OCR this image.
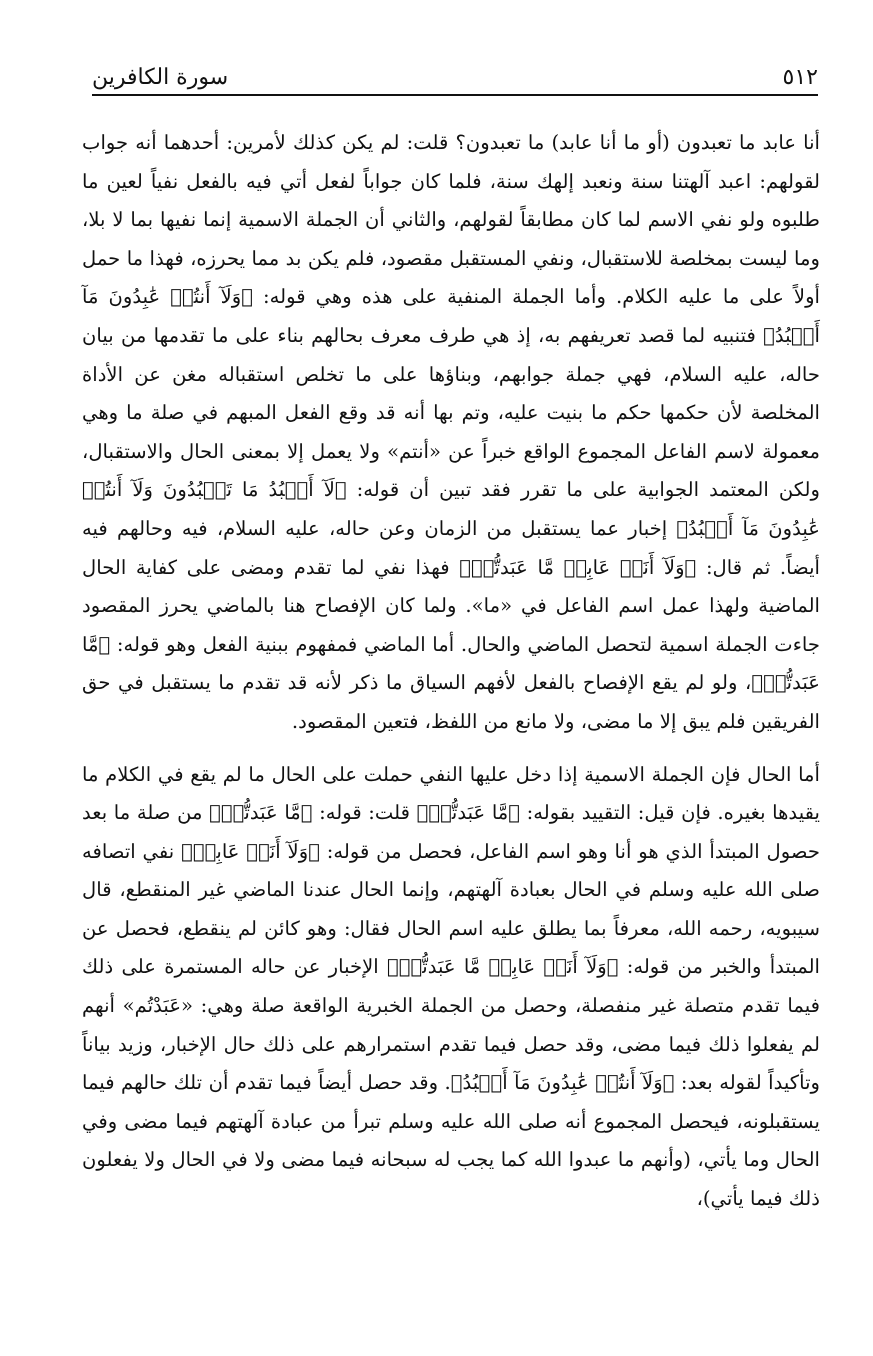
سورة الكافرين	٥١٢

أنا عابد ما تعبدون (أو ما أنا عابد) ما تعبدون؟ قلت: لم يكن كذلك لأمرين: أحدهما أنه جواب لقولهم: اعبد آلهتنا سنة ونعبد إلهك سنة، فلما كان جواباً لفعل أتي فيه بالفعل نفياً لعين ما طلبوه ولو نفي الاسم لما كان مطابقاً لقولهم، والثاني أن الجملة الاسمية إنما نفيها بما لا بلا، وما ليست بمخلصة للاستقبال، ونفي المستقبل مقصود، فلم يكن بد مما يحرزه، فهذا ما حمل أولاً على ما عليه الكلام. وأما الجملة المنفية على هذه وهي قوله: ﴿وَلَآ أَنتُمۡ عَٰبِدُونَ مَآ أَعۡبُدُ﴾ فتنبيه لما قصد تعريفهم به، إذ هي طرف معرف بحالهم بناء على ما تقدمها من بيان حاله، عليه السلام، فهي جملة جوابهم، وبناؤها على ما تخلص استقباله مغن عن الأداة المخلصة لأن حكمها حكم ما بنيت عليه، وتم بها أنه قد وقع الفعل المبهم في صلة ما وهي معمولة لاسم الفاعل المجموع الواقع خبراً عن «أنتم» ولا يعمل إلا بمعنى الحال والاستقبال، ولكن المعتمد الجوابية على ما تقرر فقد تبين أن قوله: ﴿لَآ أَعۡبُدُ مَا تَعۡبُدُونَ وَلَآ أَنتُمۡ عَٰبِدُونَ مَآ أَعۡبُدُ﴾ إخبار عما يستقبل من الزمان وعن حاله، عليه السلام، فيه وحالهم فيه أيضاً. ثم قال: ﴿وَلَآ أَنَا۠ عَابِدٞ مَّا عَبَدتُّمۡ﴾ فهذا نفي لما تقدم ومضى على كفاية الحال الماضية ولهذا عمل اسم الفاعل في «ما». ولما كان الإفصاح هنا بالماضي يحرز المقصود جاءت الجملة اسمية لتحصل الماضي والحال. أما الماضي فمفهوم ببنية الفعل وهو قوله: ﴿مَّا عَبَدتُّمۡ﴾، ولو لم يقع الإفصاح بالفعل لأفهم السياق ما ذكر لأنه قد تقدم ما يستقبل في حق الفريقين فلم يبق إلا ما مضى، ولا مانع من اللفظ، فتعين المقصود.

أما الحال فإن الجملة الاسمية إذا دخل عليها النفي حملت على الحال ما لم يقع في الكلام ما يقيدها بغيره. فإن قيل: التقييد بقوله: ﴿مَّا عَبَدتُّمۡ﴾ قلت: قوله: ﴿مَّا عَبَدتُّمۡ﴾ من صلة ما بعد حصول المبتدأ الذي هو أنا وهو اسم الفاعل، فحصل من قوله: ﴿وَلَآ أَنَا۠ عَابِدٞ﴾ نفي اتصافه صلى الله عليه وسلم في الحال بعبادة آلهتهم، وإنما الحال عندنا الماضي غير المنقطع، قال سيبويه، رحمه الله، معرفاً بما يطلق عليه اسم الحال فقال: وهو كائن لم ينقطع، فحصل عن المبتدأ والخبر من قوله: ﴿وَلَآ أَنَا۠ عَابِدٞ مَّا عَبَدتُّمۡ﴾ الإخبار عن حاله المستمرة على ذلك فيما تقدم متصلة غير منفصلة، وحصل من الجملة الخبرية الواقعة صلة وهي: «عَبَدْتُم» أنهم لم يفعلوا ذلك فيما مضى، وقد حصل فيما تقدم استمرارهم على ذلك حال الإخبار، وزيد بياناً وتأكيداً لقوله بعد: ﴿وَلَآ أَنتُمۡ عَٰبِدُونَ مَآ أَعۡبُدُ﴾. وقد حصل أيضاً فيما تقدم أن تلك حالهم فيما يستقبلونه، فيحصل المجموع أنه صلى الله عليه وسلم تبرأ من عبادة آلهتهم فيما مضى وفي الحال وما يأتي، (وأنهم ما عبدوا الله كما يجب له سبحانه فيما مضى ولا في الحال ولا يفعلون ذلك فيما يأتي)،
